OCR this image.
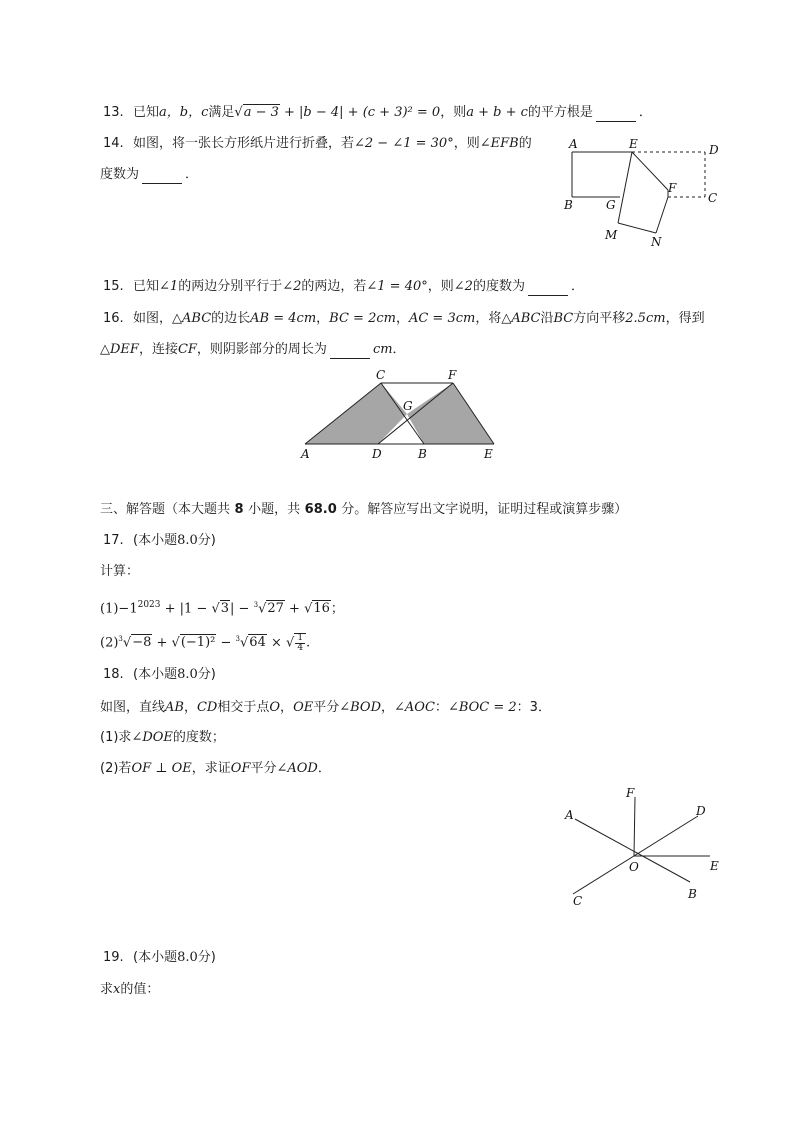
13. 已知a，b，c满足√a − 3 + |b − 4| + (c + 3)² = 0，则a + b + c的平方根是	．
14. 如图，将一张长方形纸片进行折叠，若∠2 − ∠1 = 30°，则∠EFB的
度数为	．
A	E	D
F
C
B	G
M	N
15. 已知∠1的两边分别平行于∠2的两边，若∠1 = 40°，则∠2的度数为	．
16. 如图，△ABC的边长AB = 4cm，BC = 2cm，AC = 3cm，将△ABC沿BC方向平移2.5cm，得到
△DEF，连接CF，则阴影部分的周长为	cm．
C	F
G
A	D	B	E
三、解答题（本大题共 8 小题，共 68.0 分。解答应写出文字说明，证明过程或演算步骤）
17. (本小题8.0分)
计算：
$(1)-1^{2023} + |1 - √3| - ^3√27 + √16$；
$(2)^3√-8 + √(-1)^2 - ^3√64 \times √\frac{1}{4}$.
18. (本小题8.0分)
如图，直线AB，CD相交于点O，OE平分∠BOD，∠AOC：∠BOC = 2：3．
(1)求∠DOE的度数；
(2)若OF ⊥ OE，求证OF平分∠AOD．
F
A	D
E
O
C	B
19. (本小题8.0分)
求x的值：
